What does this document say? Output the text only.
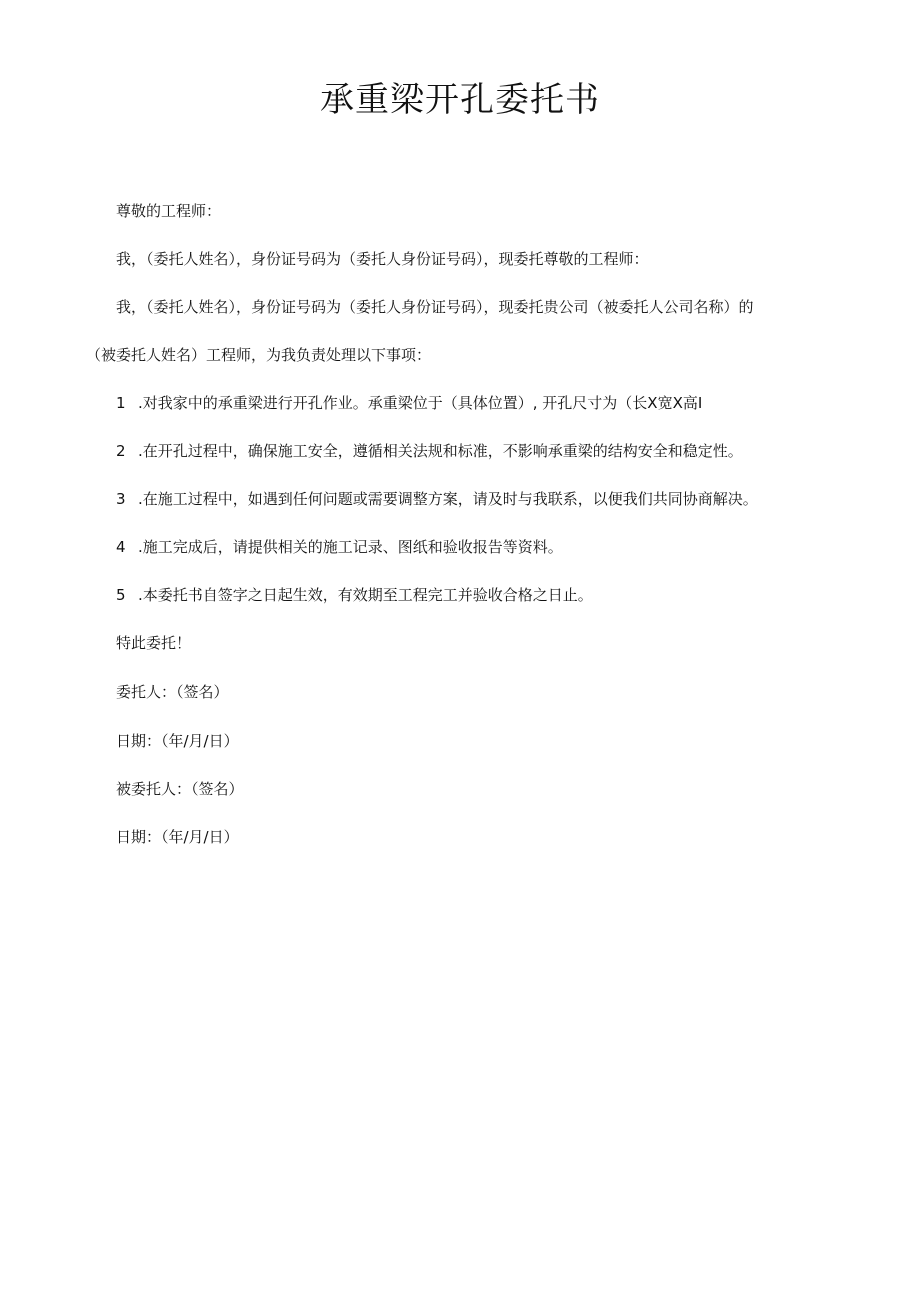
承重梁开孔委托书
尊敬的工程师：
我，（委托人姓名），身份证号码为（委托人身份证号码），现委托尊敬的工程师：
我，（委托人姓名），身份证号码为（委托人身份证号码），现委托贵公司（被委托人公司名称）的
（被委托人姓名）工程师，为我负责处理以下事项：
1 .对我家中的承重梁进行开孔作业。承重梁位于（具体位置）, 开孔尺寸为（长X宽X高I
2 .在开孔过程中，确保施工安全，遵循相关法规和标准，不影响承重梁的结构安全和稳定性。
3 .在施工过程中，如遇到任何问题或需要调整方案，请及时与我联系，以便我们共同协商解决。
4 .施工完成后，请提供相关的施工记录、图纸和验收报告等资料。
5 .本委托书自签字之日起生效，有效期至工程完工并验收合格之日止。
特此委托！
委托人：（签名）
日期：（年/月/日）
被委托人：（签名）
日期：（年/月/日）
